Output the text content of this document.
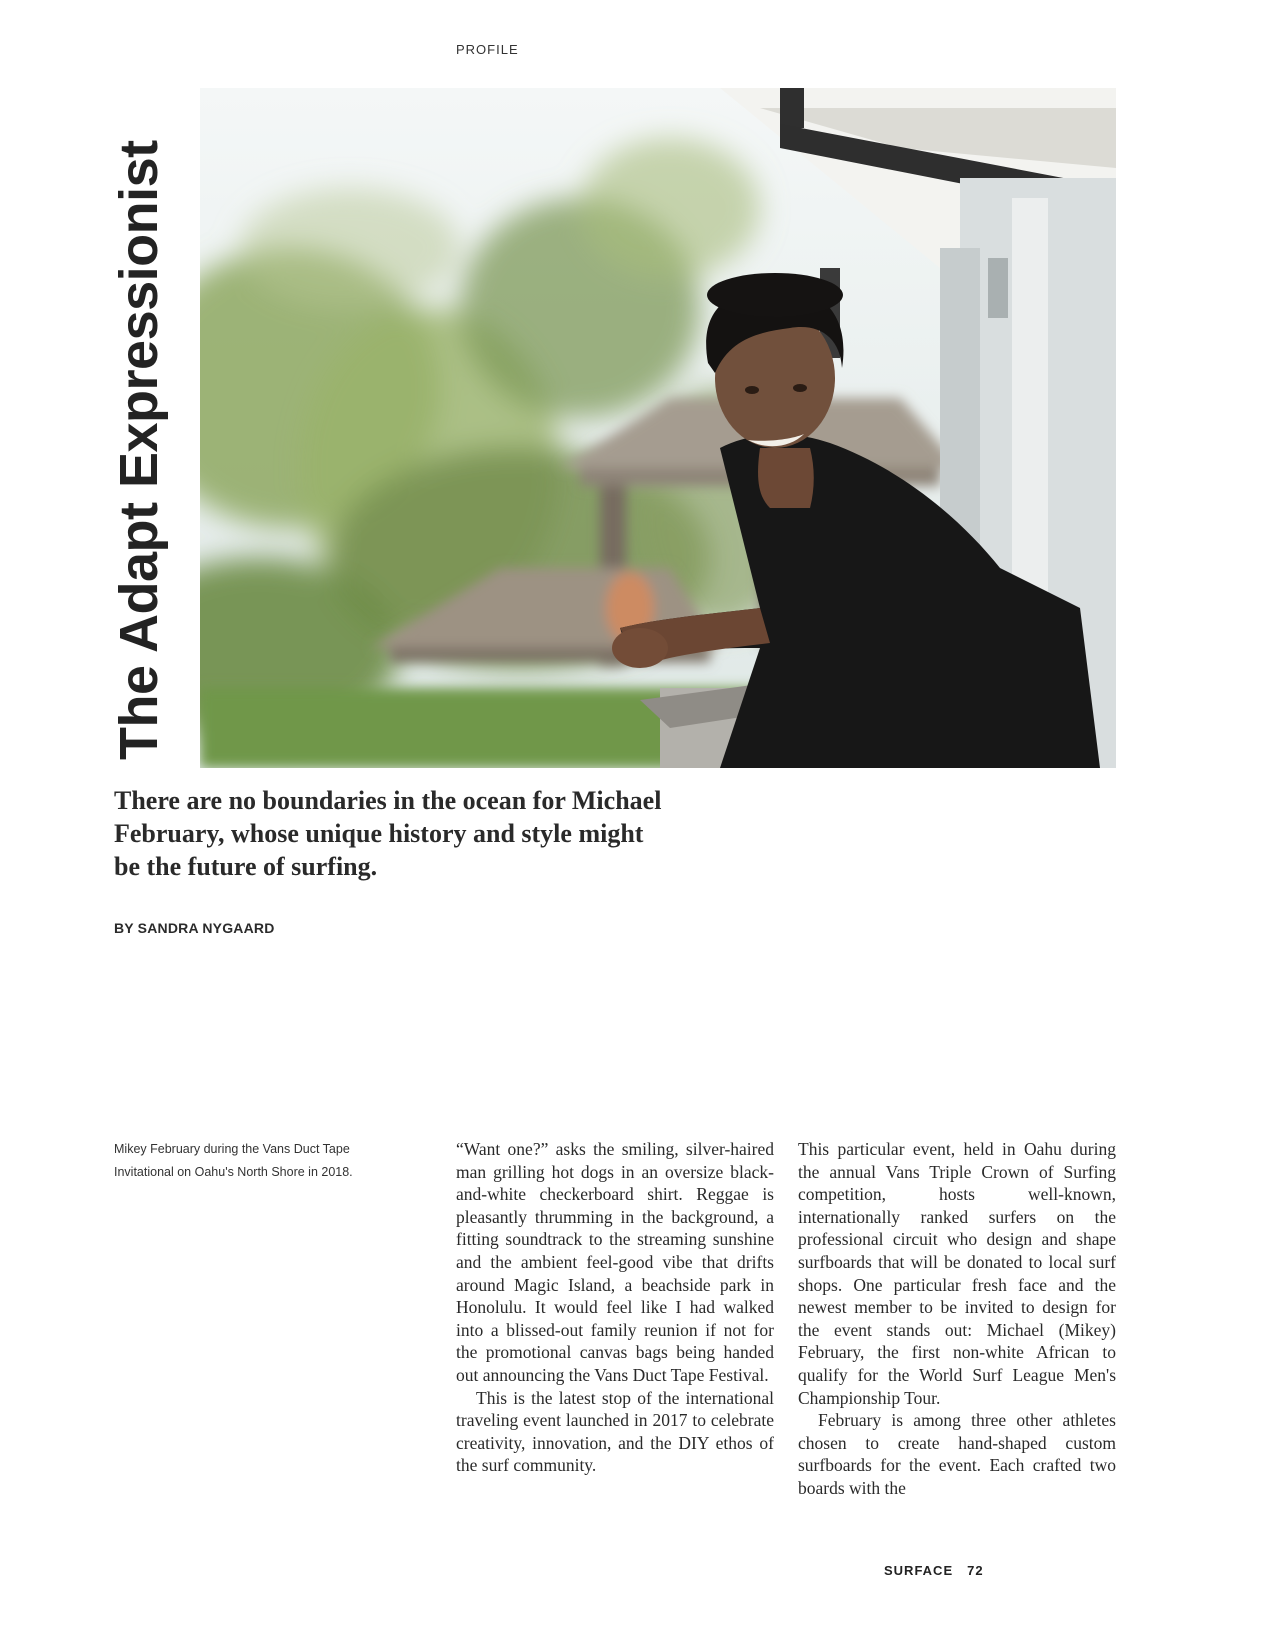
PROFILE
The Adapt Expressionist
There are no boundaries in the ocean for Michael February, whose unique history and style might be the future of surfing.
BY SANDRA NYGAARD
Mikey February during the Vans Duct Tape Invitational on Oahu's North Shore in 2018.

“Want one?” asks the smiling, silver-haired man grilling hot dogs in an oversize black-and-white checkerboard shirt. Reggae is pleasantly thrumming in the background, a fitting soundtrack to the streaming sunshine and the ambient feel-good vibe that drifts around Magic Island, a beachside park in Honolulu. It would feel like I had walked into a blissed-out family reunion if not for the promotional canvas bags being handed out announcing the Vans Duct Tape Festival.

This is the latest stop of the international traveling event launched in 2017 to celebrate creativity, innovation, and the DIY ethos of the surf community.

This particular event, held in Oahu during the annual Vans Triple Crown of Surfing competition, hosts well-known, internationally ranked surfers on the professional circuit who design and shape surfboards that will be donated to local surf shops. One particular fresh face and the newest member to be invited to design for the event stands out: Michael (Mikey) February, the first non-white African to qualify for the World Surf League Men's Championship Tour.

February is among three other athletes chosen to create hand-shaped custom surfboards for the event. Each crafted two boards with the

SURFACE 72
